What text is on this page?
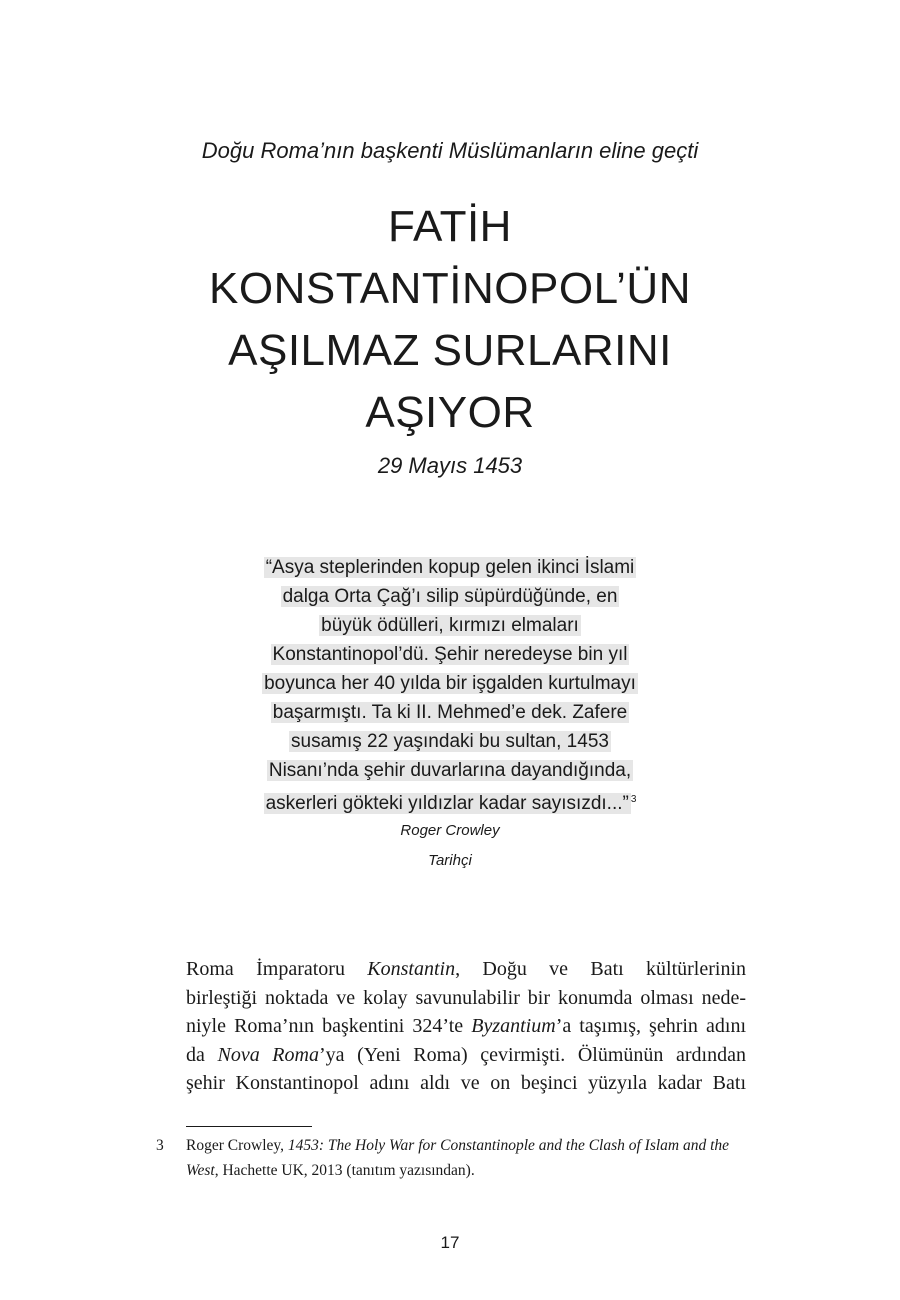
Doğu Roma’nın başkenti Müslümanların eline geçti
FATİH
KONSTANTİNOPOL’ÜN
AŞILMAZ SURLARINI
AŞIYOR
29 Mayıs 1453
“Asya steplerinden kopup gelen ikinci İslami
dalga Orta Çağ’ı silip süpürdüğünde, en
büyük ödülleri, kırmızı elmaları
Konstantinopol’dü. Şehir neredeyse bin yıl
boyunca her 40 yılda bir işgalden kurtulmayı
başarmıştı. Ta ki II. Mehmed’e dek. Zafere
susamış 22 yaşındaki bu sultan, 1453
Nisanı’nda şehir duvarlarına dayandığında,
askerleri gökteki yıldızlar kadar sayısızdı...” $^3$
Roger Crowley
Tarihçi
Roma İmparatoru Konstantin, Doğu ve Batı kültürlerinin
birleştiği noktada ve kolay savunulabilir bir konumda olması nede-
niyle Roma’nın başkentini 324’te Byzantium’a taşımış, şehrin adını
da Nova Roma’ya (Yeni Roma) çevirmişti. Ölümünün ardından
şehir Konstantinopol adını aldı ve on beşinci yüzyıla kadar Batı
3 Roger Crowley, 1453: The Holy War for Constantinople and the Clash of Islam and the West, Hachette UK, 2013 (tanıtım yazısından).
17
